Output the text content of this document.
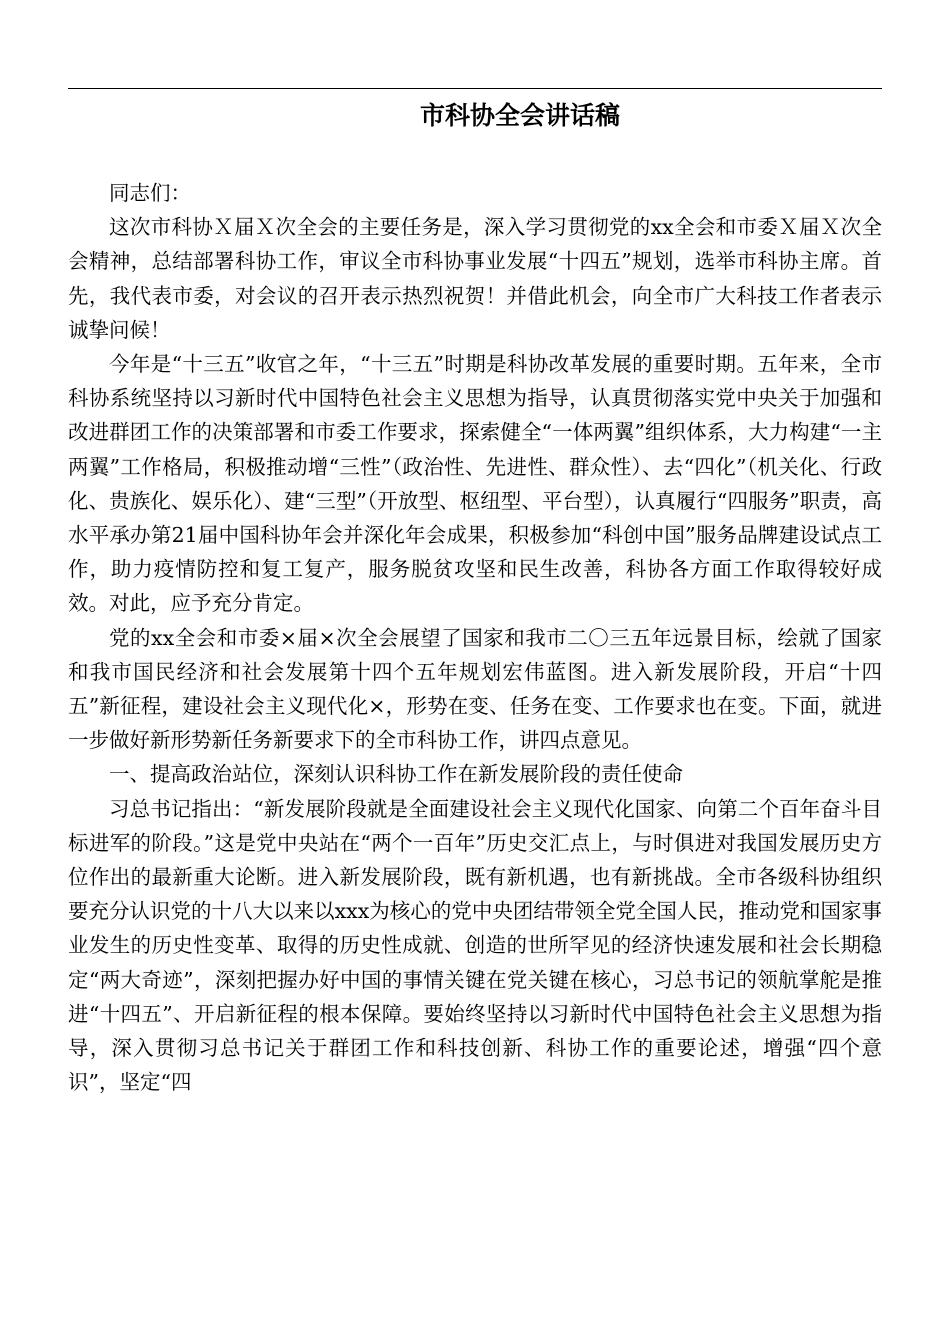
市科协全会讲话稿

同志们：

这次市科协Ｘ届Ｘ次全会的主要任务是，深入学习贯彻党的xx全会和市委Ｘ届Ｘ次全会精神，总结部署科协工作，审议全市科协事业发展“十四五”规划，选举市科协主席。首先，我代表市委，对会议的召开表示热烈祝贺！并借此机会，向全市广大科技工作者表示诚挚问候！

今年是“十三五”收官之年，“十三五”时期是科协改革发展的重要时期。五年来，全市科协系统坚持以习新时代中国特色社会主义思想为指导，认真贯彻落实党中央关于加强和改进群团工作的决策部署和市委工作要求，探索健全“一体两翼”组织体系，大力构建“一主两翼”工作格局，积极推动增“三性”（政治性、先进性、群众性）、去“四化”（机关化、行政化、贵族化、娱乐化）、建“三型”（开放型、枢纽型、平台型），认真履行“四服务”职责，高水平承办第21届中国科协年会并深化年会成果，积极参加“科创中国”服务品牌建设试点工作，助力疫情防控和复工复产，服务脱贫攻坚和民生改善，科协各方面工作取得较好成效。对此，应予充分肯定。

党的xx全会和市委×届×次全会展望了国家和我市二〇三五年远景目标，绘就了国家和我市国民经济和社会发展第十四个五年规划宏伟蓝图。进入新发展阶段，开启“十四五”新征程，建设社会主义现代化×，形势在变、任务在变、工作要求也在变。下面，就进一步做好新形势新任务新要求下的全市科协工作，讲四点意见。

一、提高政治站位，深刻认识科协工作在新发展阶段的责任使命

习总书记指出：“新发展阶段就是全面建设社会主义现代化国家、向第二个百年奋斗目标进军的阶段。”这是党中央站在“两个一百年”历史交汇点上，与时俱进对我国发展历史方位作出的最新重大论断。进入新发展阶段，既有新机遇，也有新挑战。全市各级科协组织要充分认识党的十八大以来以xxx为核心的党中央团结带领全党全国人民，推动党和国家事业发生的历史性变革、取得的历史性成就、创造的世所罕见的经济快速发展和社会长期稳定“两大奇迹”，深刻把握办好中国的事情关键在党关键在核心，习总书记的领航掌舵是推进“十四五”、开启新征程的根本保障。要始终坚持以习新时代中国特色社会主义思想为指导，深入贯彻习总书记关于群团工作和科技创新、科协工作的重要论述，增强“四个意识”，坚定“四
